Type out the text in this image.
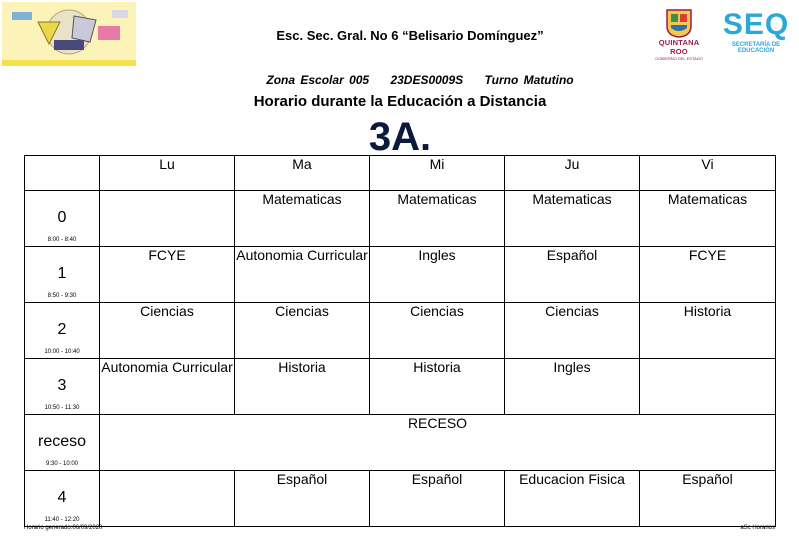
Esc. Sec. Gral. No 6 “Belisario Domínguez”	QUINTANA ROO
GOBIERNO DEL ESTADO
SEQ
SECRETARÍA DE EDUCACIÓN
Zona Escolar 005 23DES0009S Turno Matutino
Horario durante la Educación a Distancia
3A.
	Lu	Ma	Mi	Ju	Vi

0
8:00 - 8:40		Matematicas	Matematicas	Matematicas	Matematicas

1
8:50 - 9:30	FCYE	Autonomia Curricular	Ingles	Español	FCYE

2
10:00 - 10:40	Ciencias	Ciencias	Ciencias	Ciencias	Historia

3
10:50 - 11:30	Autonomia Curricular	Historia	Historia	Ingles	

receso
9:30 - 10:00	RECESO				

4
11:40 - 12:20		Español	Español	Educacion Fisica	Español
Horario generado:06/09/2020	aSc Horarios
